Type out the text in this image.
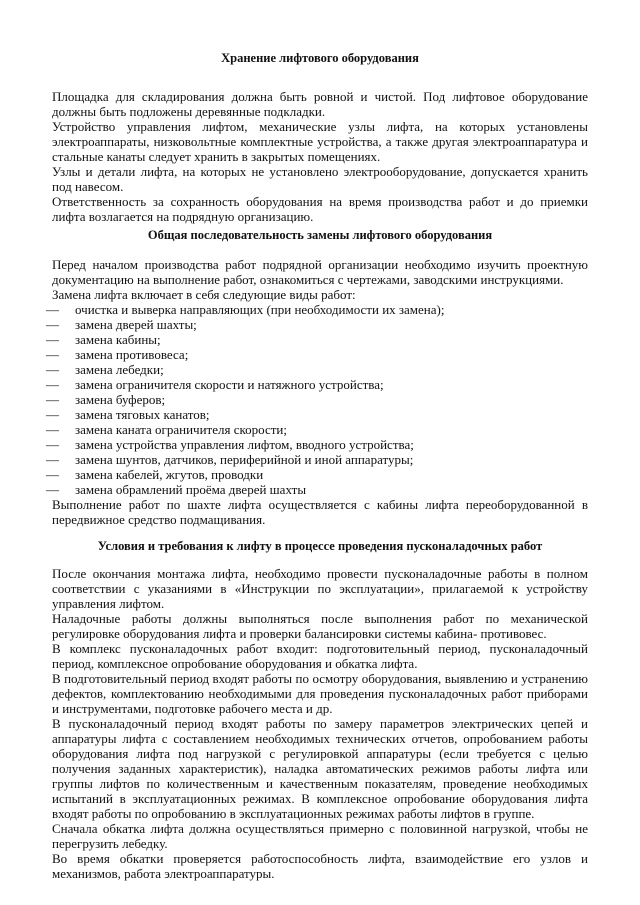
Хранение лифтового оборудования

Площадка для складирования должна быть ровной и чистой. Под лифтовое оборудование должны быть подложены деревянные подкладки.

Устройство управления лифтом, механические узлы лифта, на которых установлены электроаппараты, низковольтные комплектные устройства, а также другая электроаппаратура и стальные канаты следует хранить в закрытых помещениях.

Узлы и детали лифта, на которых не установлено электрооборудование, допускается хранить под навесом.

Ответственность за сохранность оборудования на время производства работ и до приемки лифта возлагается на подрядную организацию.

Общая последовательность замены лифтового оборудования

Перед началом производства работ подрядной организации необходимо изучить проектную документацию на выполнение работ, ознакомиться с чертежами, заводскими инструкциями.

Замена лифта включает в себя следующие виды работ:

— очистка и выверка направляющих (при необходимости их замена);
— замена дверей шахты;
— замена кабины;
— замена противовеса;
— замена лебедки;
— замена ограничителя скорости и натяжного устройства;
— замена буферов;
— замена тяговых канатов;
— замена каната ограничителя скорости;
— замена устройства управления лифтом, вводного устройства;
— замена шунтов, датчиков, периферийной и иной аппаратуры;
— замена кабелей, жгутов, проводки
— замена обрамлений проёма дверей шахты

Выполнение работ по шахте лифта осуществляется с кабины лифта переоборудованной в передвижное средство подмащивания.

Условия и требования к лифту в процессе проведения пусконаладочных работ

После окончания монтажа лифта, необходимо провести пусконаладочные работы в полном соответствии с указаниями в «Инструкции по эксплуатации», прилагаемой к устройству управления лифтом.

Наладочные работы должны выполняться после выполнения работ по механической регулировке оборудования лифта и проверки балансировки системы кабина- противовес.

В комплекс пусконаладочных работ входит: подготовительный период, пусконаладочный период, комплексное опробование оборудования и обкатка лифта.

В подготовительный период входят работы по осмотру оборудования, выявлению и устранению дефектов, комплектованию необходимыми для проведения пусконаладочных работ приборами и инструментами, подготовке рабочего места и др.

В пусконаладочный период входят работы по замеру параметров электрических цепей и аппаратуры лифта с составлением необходимых технических отчетов, опробованием работы оборудования лифта под нагрузкой с регулировкой аппаратуры (если требуется с целью получения заданных характеристик), наладка автоматических режимов работы лифта или группы лифтов по количественным и качественным показателям, проведение необходимых испытаний в эксплуатационных режимах. В комплексное опробование оборудования лифта входят работы по опробованию в эксплуатационных режимах работы лифтов в группе.

Сначала обкатка лифта должна осуществляться примерно с половинной нагрузкой, чтобы не перегрузить лебедку.

Во время обкатки проверяется работоспособность лифта, взаимодействие его узлов и механизмов, работа электроаппаратуры.
